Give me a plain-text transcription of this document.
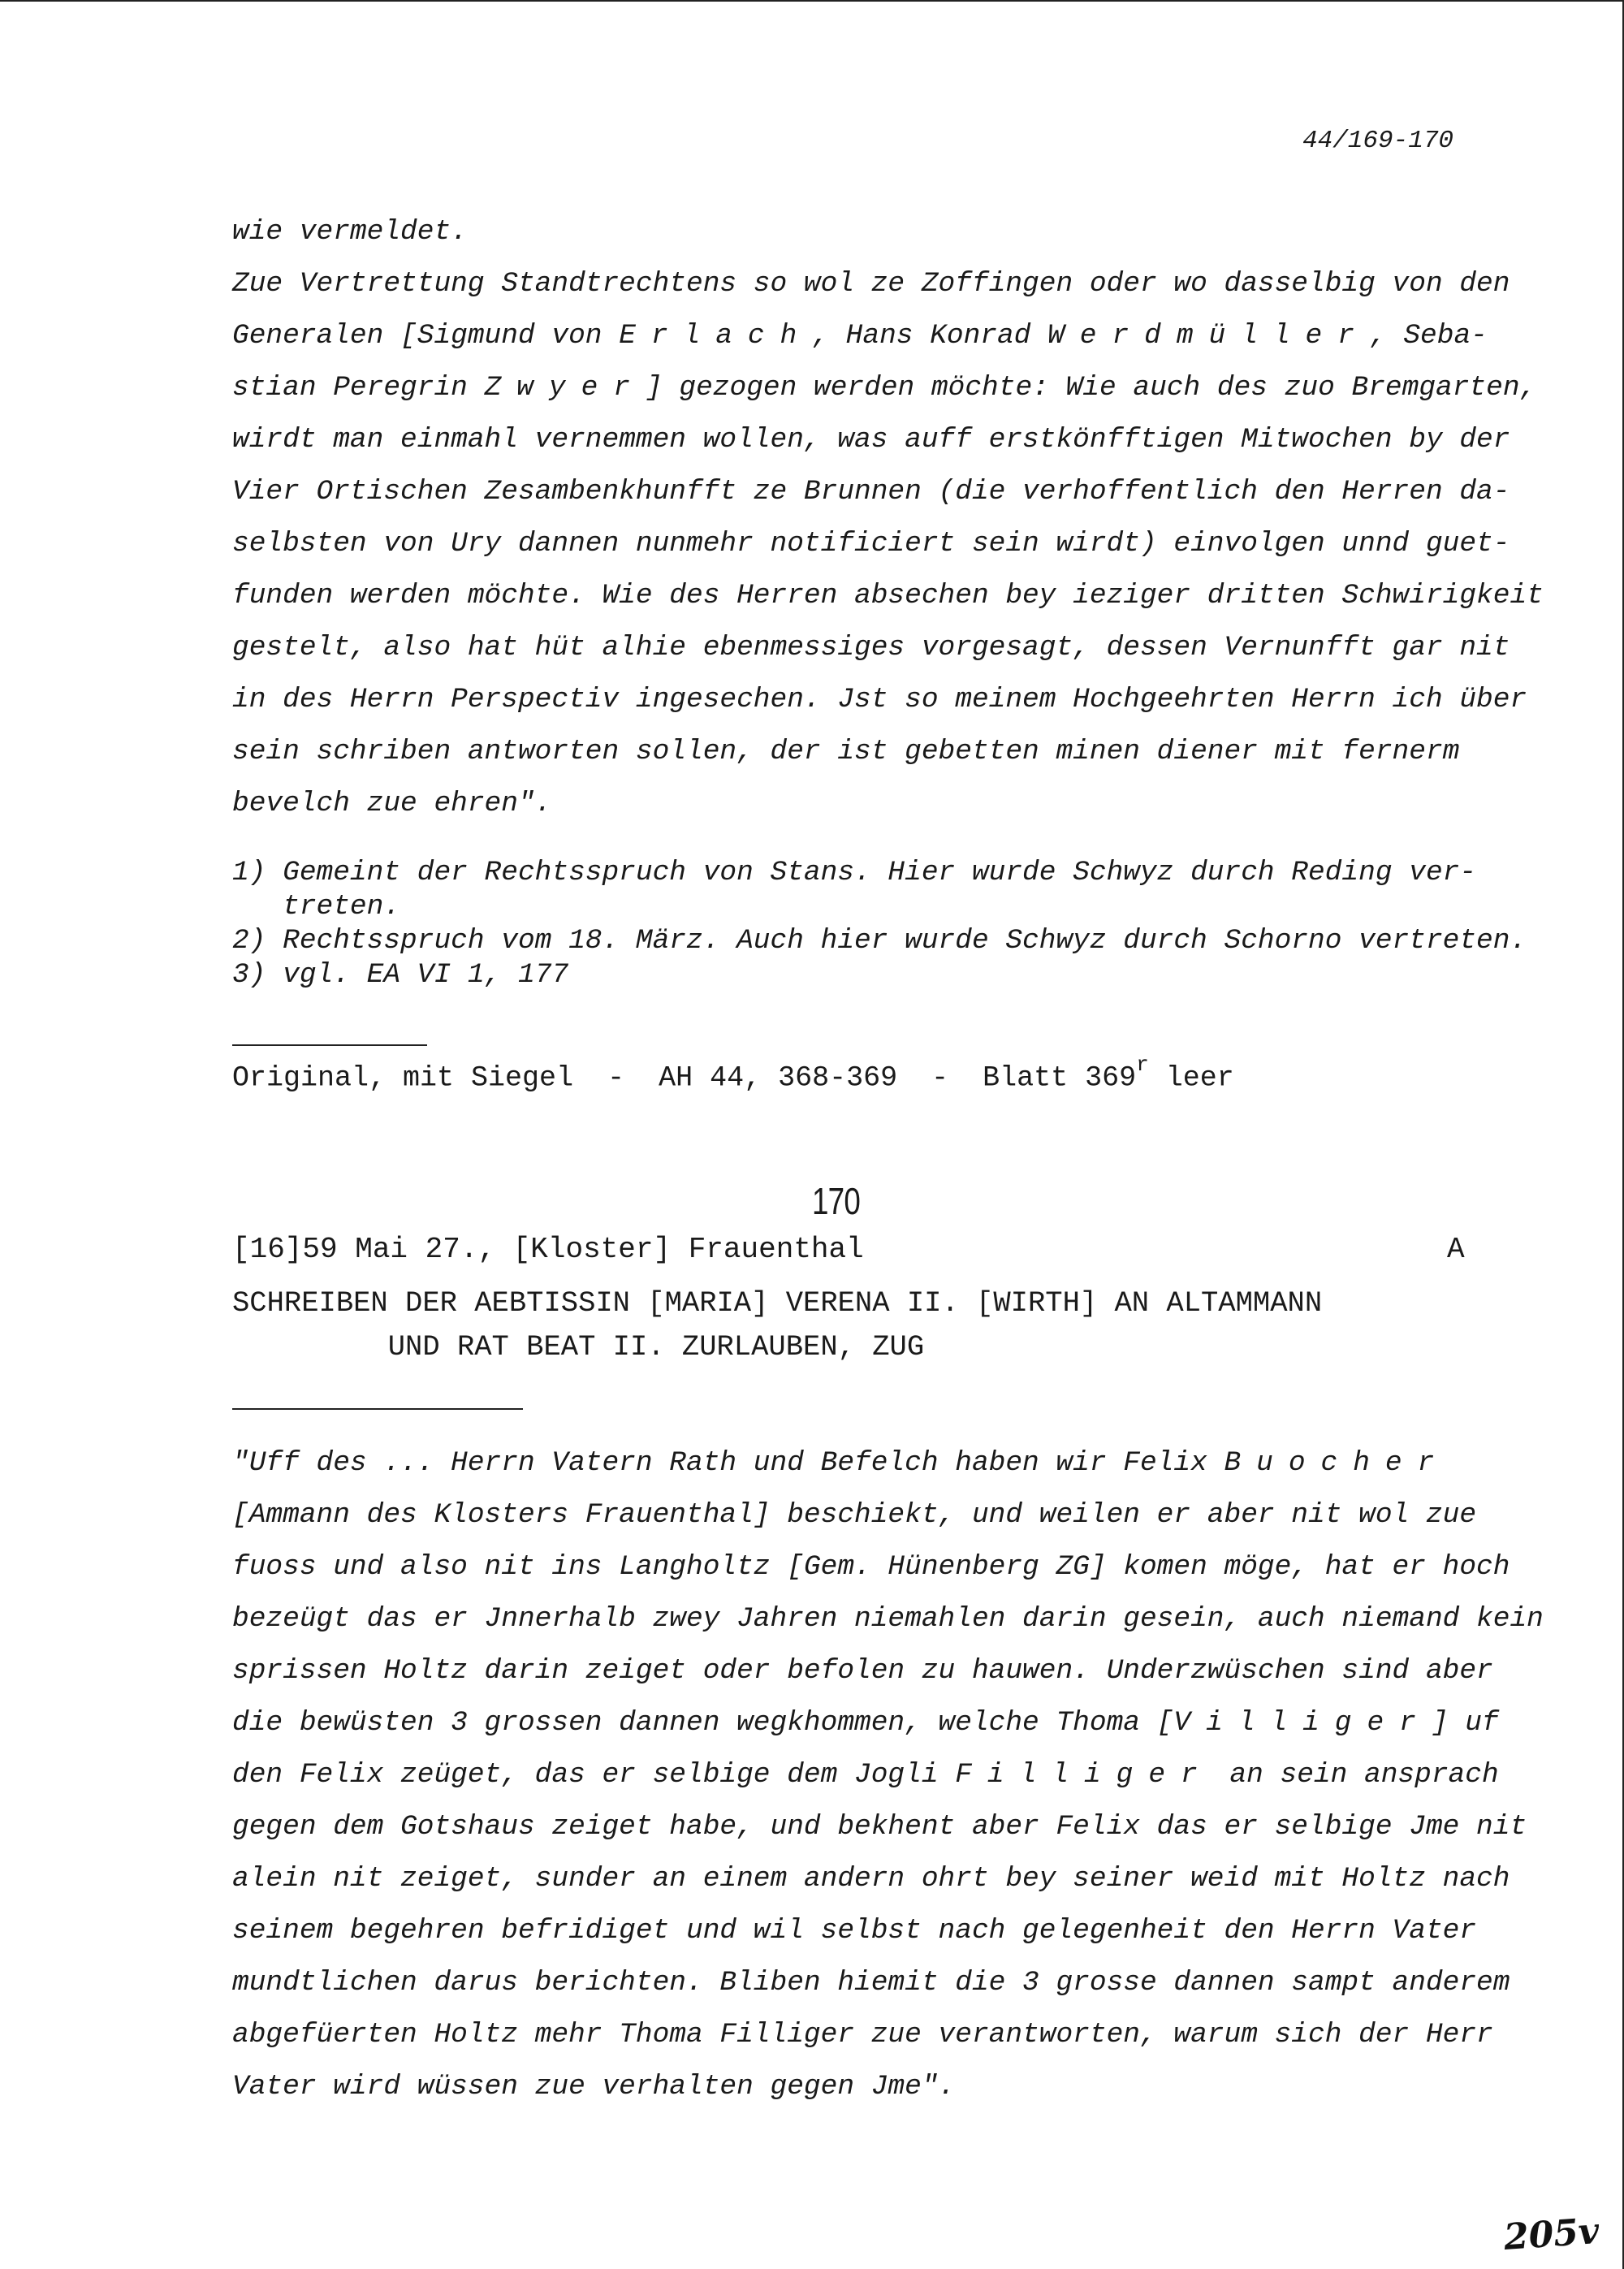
44/169-170
wie vermeldet.
Zue Vertrettung Standtrechtens so wol ze Zoffingen oder wo dasselbig von den
Generalen [Sigmund von Erlach, Hans Konrad Werdmüller, Seba-
stian Peregrin Zwyer] gezogen werden möchte: Wie auch des zuo Bremgarten,
wirdt man einmahl vernemmen wollen, was auff erstkönfftigen Mitwochen by der
Vier Ortischen Zesambenkhunfft ze Brunnen (die verhoffentlich den Herren da-
selbsten von Ury dannen nunmehr notificiert sein wirdt) einvolgen unnd guet-
funden werden möchte. Wie des Herren absechen bey ieziger dritten Schwirigkeit
gestelt, also hat hüt alhie ebenmessiges vorgesagt, dessen Vernunfft gar nit
in des Herrn Perspectiv ingesechen. Jst so meinem Hochgeehrten Herrn ich über
sein schriben antworten sollen, der ist gebetten minen diener mit fernerm
bevelch zue ehren".
1) Gemeint der Rechtsspruch von Stans. Hier wurde Schwyz durch Reding ver-
treten.
2) Rechtsspruch vom 18. März. Auch hier wurde Schwyz durch Schorno vertreten.
3) vgl. EA VI 1, 177
Original, mit Siegel  -  AH 44, 368-369  -  Blatt 369$^r$ leer
170
[16]59 Mai 27., [Kloster] Frauenthal	A
SCHREIBEN DER AEBTISSIN [MARIA] VERENA II. [WIRTH] AN ALTAMMANN
UND RAT BEAT II. ZURLAUBEN, ZUG
"Uff des ... Herrn Vatern Rath und Befelch haben wir Felix Buocher
[Ammann des Klosters Frauenthal] beschiekt, und weilen er aber nit wol zue
fuoss und also nit ins Langholtz [Gem. Hünenberg ZG] komen möge, hat er hoch
bezeügt das er Jnnerhalb zwey Jahren niemahlen darin gesein, auch niemand kein
sprissen Holtz darin zeiget oder befolen zu hauwen. Underzwüschen sind aber
die bewüsten 3 grossen dannen wegkhommen, welche Thoma [Villiger] uf
den Felix zeüget, das er selbige dem Jogli Filliger an sein ansprach
gegen dem Gotshaus zeiget habe, und bekhent aber Felix das er selbige Jme nit
alein nit zeiget, sunder an einem andern ohrt bey seiner weid mit Holtz nach
seinem begehren befridiget und wil selbst nach gelegenheit den Herrn Vater
mundtlichen darus berichten. Bliben hiemit die 3 grosse dannen sampt anderem
abgefüerten Holtz mehr Thoma Filliger zue verantworten, warum sich der Herr
Vater wird wüssen zue verhalten gegen Jme".
205v
